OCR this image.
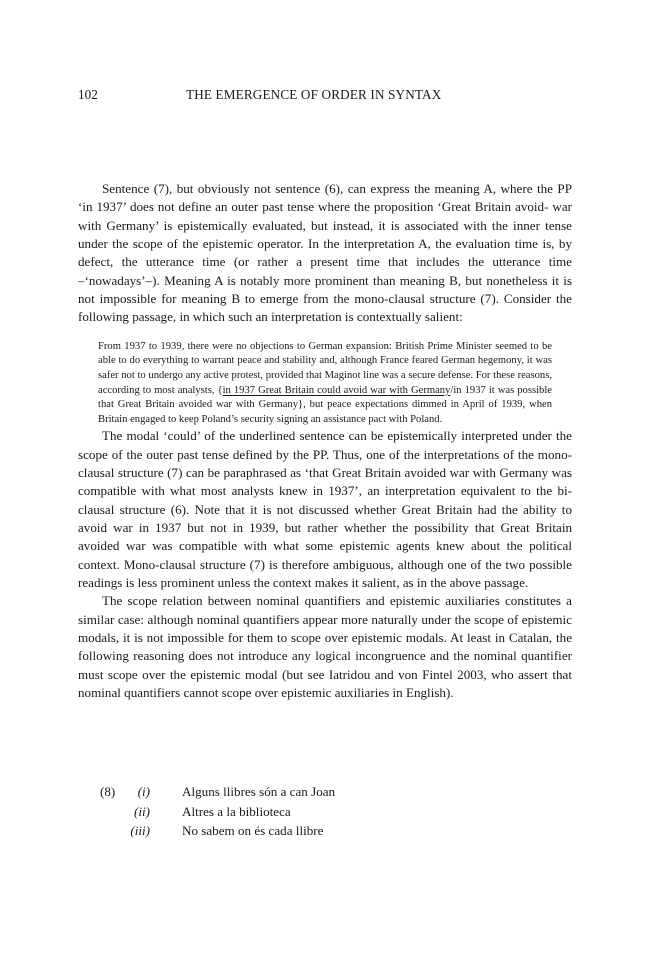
102	THE EMERGENCE OF ORDER IN SYNTAX

Sentence (7), but obviously not sentence (6), can express the meaning A, where the PP ‘in 1937’ does not define an outer past tense where the proposition ‘Great Britain avoid- war with Germany’ is epistemically evaluated, but instead, it is associated with the inner tense under the scope of the epistemic operator. In the interpretation A, the evaluation time is, by defect, the utterance time (or rather a present time that includes the utterance time –‘nowadays’–). Meaning A is notably more prominent than meaning B, but nonetheless it is not impossible for meaning B to emerge from the mono-clausal structure (7). Consider the following passage, in which such an interpretation is contextually salient:

From 1937 to 1939, there were no objections to German expansion: British Prime Minister seemed to be able to do everything to warrant peace and stability and, although France feared German hegemony, it was safer not to undergo any active protest, provided that Maginot line was a secure defense. For these reasons, according to most analysts, {in 1937 Great Britain could avoid war with Germany/in 1937 it was possible that Great Britain avoided war with Germany}, but peace expectations dimmed in April of 1939, when Britain engaged to keep Poland’s security signing an assistance pact with Poland.

The modal ‘could’ of the underlined sentence can be epistemically interpreted under the scope of the outer past tense defined by the PP. Thus, one of the interpretations of the mono-clausal structure (7) can be paraphrased as ‘that Great Britain avoided war with Germany was compatible with what most analysts knew in 1937’, an interpretation equivalent to the bi-clausal structure (6). Note that it is not discussed whether Great Britain had the ability to avoid war in 1937 but not in 1939, but rather whether the possibility that Great Britain avoided war was compatible with what some epistemic agents knew about the political context. Mono-clausal structure (7) is therefore ambiguous, although one of the two possible readings is less prominent unless the context makes it salient, as in the above passage.

The scope relation between nominal quantifiers and epistemic auxiliaries constitutes a similar case: although nominal quantifiers appear more naturally under the scope of epistemic modals, it is not impossible for them to scope over epistemic modals. At least in Catalan, the following reasoning does not introduce any logical incongruence and the nominal quantifier must scope over the epistemic modal (but see Iatridou and von Fintel 2003, who assert that nominal quantifiers cannot scope over epistemic auxiliaries in English).

(8)	(i)	Alguns llibres són a can Joan
(ii)	Altres a la biblioteca
(iii)	No sabem on és cada llibre
